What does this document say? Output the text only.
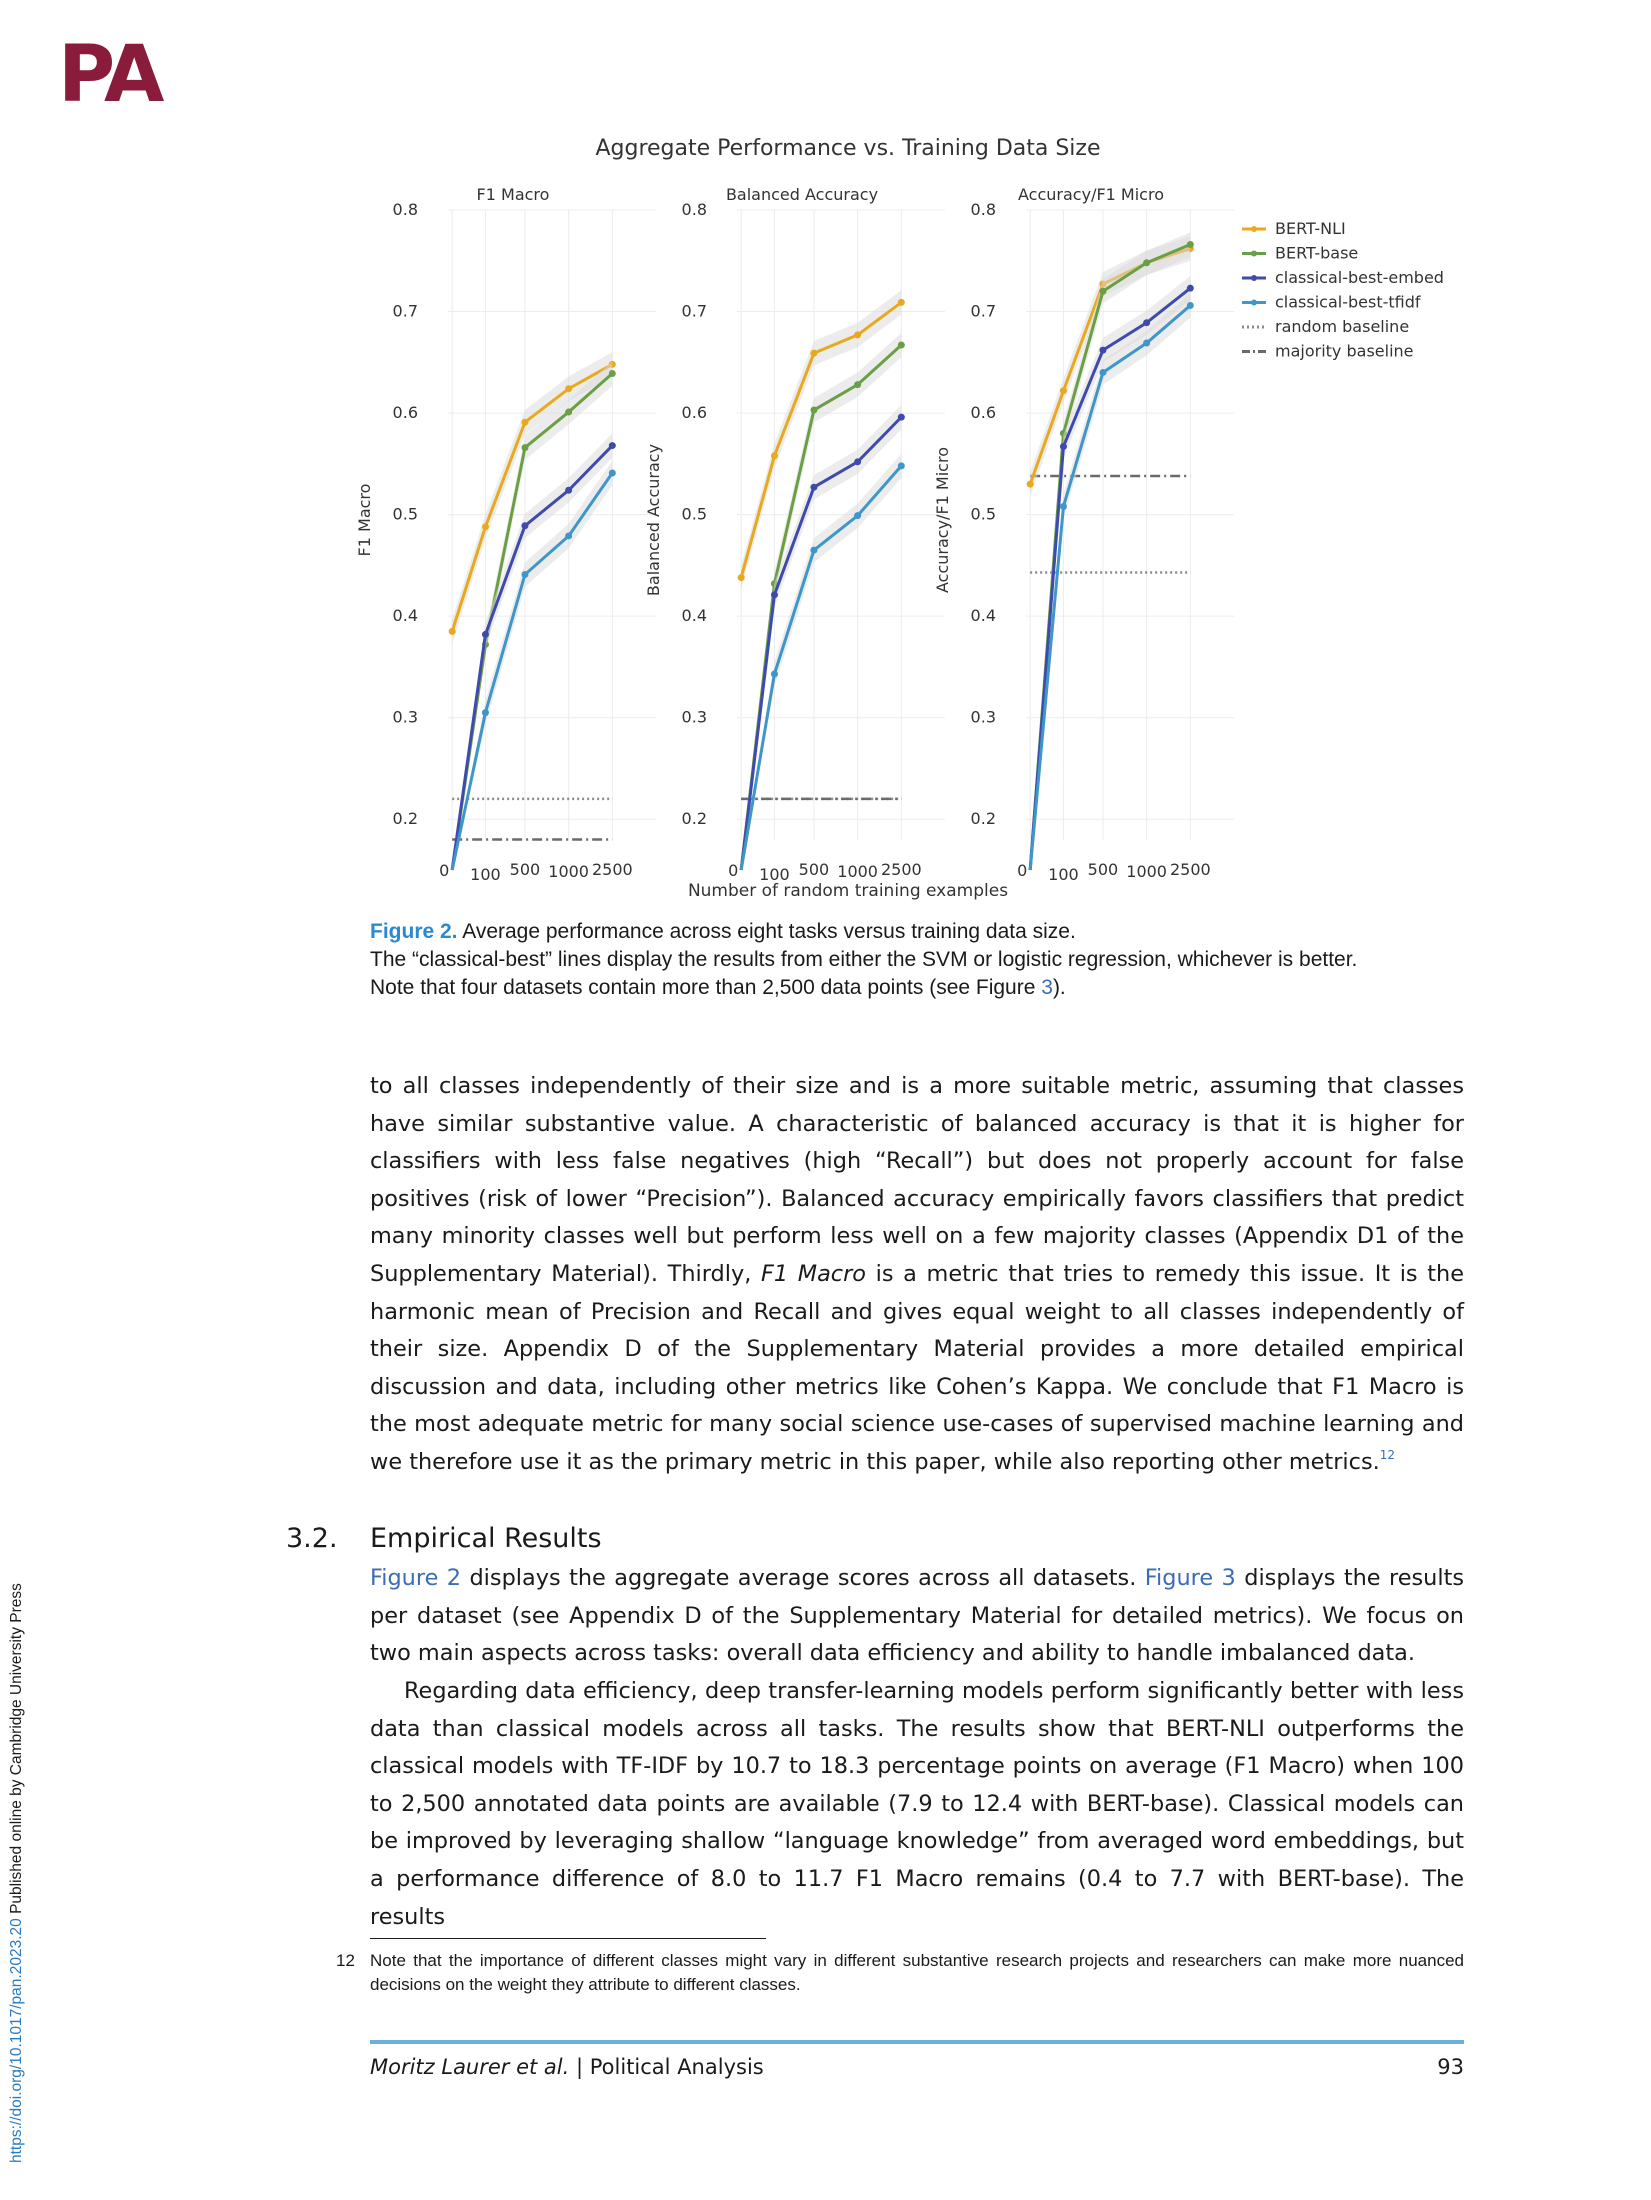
PA
https://doi.org/10.1017/pan.2023.20 Published online by Cambridge University Press
Aggregate Performance vs. Training Data Size
Number of random training examples
0.8
0.7
0.6
0.5
0.4
0.3
0.2
F1 Macro
F1 Macro
0 100 500 1000 2500
0.8
0.7
0.6
0.5
0.4
0.3
0.2
Balanced Accuracy
Balanced Accuracy
0 100 500 1000 2500
0.8
0.7
0.6
0.5
0.4
0.3
0.2
Accuracy/F1 Micro
Accuracy/F1 Micro
0 100 500 1000 2500
BERT-NLI
BERT-base
classical-best-embed
classical-best-tfidf
random baseline
majority baseline
Figure 2. Average performance across eight tasks versus training data size.
The “classical-best” lines display the results from either the SVM or logistic regression, whichever is better.
Note that four datasets contain more than 2,500 data points (see Figure 3).

to all classes independently of their size and is a more suitable metric, assuming that classes have similar substantive value. A characteristic of balanced accuracy is that it is higher for classifiers with less false negatives (high “Recall”) but does not properly account for false positives (risk of lower “Precision”). Balanced accuracy empirically favors classifiers that predict many minority classes well but perform less well on a few majority classes (Appendix D1 of the Supplementary Material). Thirdly, F1 Macro is a metric that tries to remedy this issue. It is the harmonic mean of Precision and Recall and gives equal weight to all classes independently of their size. Appendix D of the Supplementary Material provides a more detailed empirical discussion and data, including other metrics like Cohen’s Kappa. We conclude that F1 Macro is the most adequate metric for many social science use-cases of supervised machine learning and we therefore use it as the primary metric in this paper, while also reporting other metrics.$^{12}$

3.2. Empirical Results

Figure 2 displays the aggregate average scores across all datasets. Figure 3 displays the results per dataset (see Appendix D of the Supplementary Material for detailed metrics). We focus on two main aspects across tasks: overall data efficiency and ability to handle imbalanced data.

Regarding data efficiency, deep transfer-learning models perform significantly better with less data than classical models across all tasks. The results show that BERT-NLI outperforms the classical models with TF-IDF by 10.7 to 18.3 percentage points on average (F1 Macro) when 100 to 2,500 annotated data points are available (7.9 to 12.4 with BERT-base). Classical models can be improved by leveraging shallow “language knowledge” from averaged word embeddings, but a performance difference of 8.0 to 11.7 F1 Macro remains (0.4 to 7.7 with BERT-base). The results

12 Note that the importance of different classes might vary in different substantive research projects and researchers can make more nuanced decisions on the weight they attribute to different classes.

Moritz Laurer et al. | Political Analysis	93
